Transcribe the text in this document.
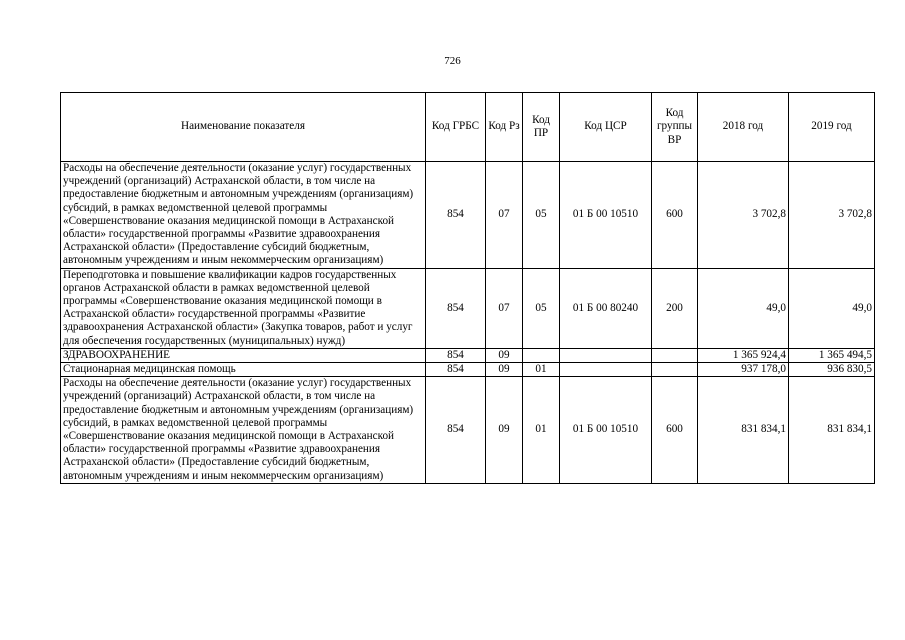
726
Наименование показателя	Код ГРБС	Код Рз	Код ПР	Код ЦСР	Код группы ВР	2018 год	2019 год
Расходы на обеспечение деятельности (оказание услуг) государственных учреждений (организаций) Астраханской области, в том числе на предоставление бюджетным и автономным учреждениям (организациям) субсидий, в рамках ведомственной целевой программы «Совершенствование оказания медицинской помощи в Астраханской области» государственной программы «Развитие здравоохранения Астраханской области» (Предоставление субсидий бюджетным, автономным учреждениям и иным некоммерческим организациям)	854	07	05	01 Б 00 10510	600	3 702,8	3 702,8
Переподготовка и повышение квалификации кадров государственных органов Астраханской области в рамках ведомственной целевой программы «Совершенствование оказания медицинской помощи в Астраханской области» государственной программы «Развитие здравоохранения Астраханской области» (Закупка товаров, работ и услуг для обеспечения государственных (муниципальных) нужд)	854	07	05	01 Б 00 80240	200	49,0	49,0
ЗДРАВООХРАНЕНИЕ	854	09				1 365 924,4	1 365 494,5
Стационарная медицинская помощь	854	09	01			937 178,0	936 830,5
Расходы на обеспечение деятельности (оказание услуг) государственных учреждений (организаций) Астраханской области, в том числе на предоставление бюджетным и автономным учреждениям (организациям) субсидий, в рамках ведомственной целевой программы «Совершенствование оказания медицинской помощи в Астраханской области» государственной программы «Развитие здравоохранения Астраханской области» (Предоставление субсидий бюджетным, автономным учреждениям и иным некоммерческим организациям)	854	09	01	01 Б 00 10510	600	831 834,1	831 834,1
